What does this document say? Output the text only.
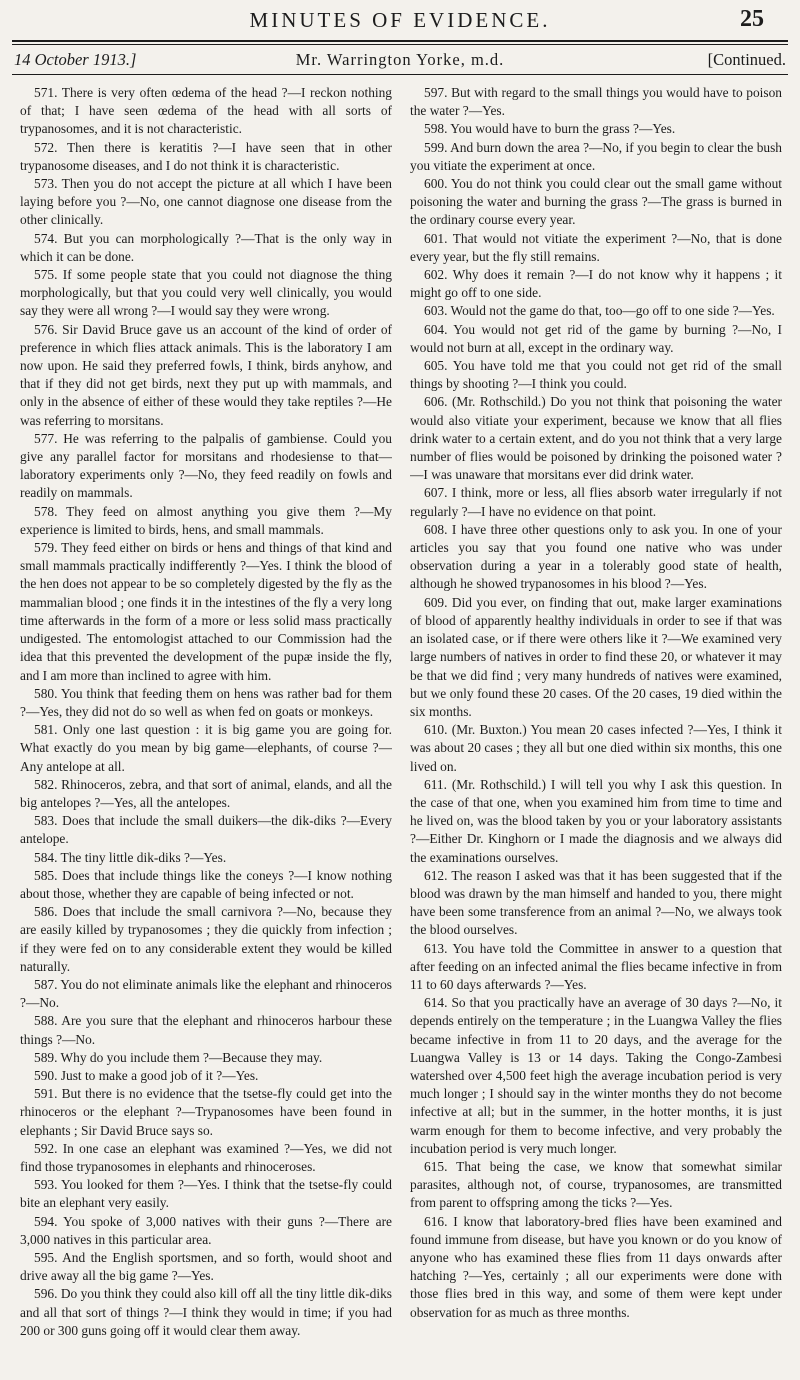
MINUTES OF EVIDENCE.	25
14 October 1913.]	Mr. Warrington Yorke, m.d.	[Continued.

571. There is very often œdema of the head ?—I reckon nothing of that; I have seen œdema of the head with all sorts of trypanosomes, and it is not characteristic.

572. Then there is keratitis ?—I have seen that in other trypanosome diseases, and I do not think it is characteristic.

573. Then you do not accept the picture at all which I have been laying before you ?—No, one cannot diagnose one disease from the other clinically.

574. But you can morphologically ?—That is the only way in which it can be done.

575. If some people state that you could not diagnose the thing morphologically, but that you could very well clinically, you would say they were all wrong ?—I would say they were wrong.

576. Sir David Bruce gave us an account of the kind of order of preference in which flies attack animals. This is the laboratory I am now upon. He said they preferred fowls, I think, birds anyhow, and that if they did not get birds, next they put up with mammals, and only in the absence of either of these would they take reptiles ?—He was referring to morsitans.

577. He was referring to the palpalis of gambiense. Could you give any parallel factor for morsitans and rhodesiense to that—laboratory experiments only ?—No, they feed readily on fowls and readily on mammals.

578. They feed on almost anything you give them ?—My experience is limited to birds, hens, and small mammals.

579. They feed either on birds or hens and things of that kind and small mammals practically indifferently ?—Yes. I think the blood of the hen does not appear to be so completely digested by the fly as the mammalian blood ; one finds it in the intestines of the fly a very long time afterwards in the form of a more or less solid mass practically undigested. The entomologist attached to our Commission had the idea that this prevented the development of the pupæ inside the fly, and I am more than inclined to agree with him.

580. You think that feeding them on hens was rather bad for them ?—Yes, they did not do so well as when fed on goats or monkeys.

581. Only one last question : it is big game you are going for. What exactly do you mean by big game—elephants, of course ?—Any antelope at all.

582. Rhinoceros, zebra, and that sort of animal, elands, and all the big antelopes ?—Yes, all the antelopes.

583. Does that include the small duikers—the dik-diks ?—Every antelope.

584. The tiny little dik-diks ?—Yes.

585. Does that include things like the coneys ?—I know nothing about those, whether they are capable of being infected or not.

586. Does that include the small carnivora ?—No, because they are easily killed by trypanosomes ; they die quickly from infection ; if they were fed on to any considerable extent they would be killed naturally.

587. You do not eliminate animals like the elephant and rhinoceros ?—No.

588. Are you sure that the elephant and rhinoceros harbour these things ?—No.

589. Why do you include them ?—Because they may.

590. Just to make a good job of it ?—Yes.

591. But there is no evidence that the tsetse-fly could get into the rhinoceros or the elephant ?—Trypanosomes have been found in elephants ; Sir David Bruce says so.

592. In one case an elephant was examined ?—Yes, we did not find those trypanosomes in elephants and rhinoceroses.

593. You looked for them ?—Yes. I think that the tsetse-fly could bite an elephant very easily.

594. You spoke of 3,000 natives with their guns ?—There are 3,000 natives in this particular area.

595. And the English sportsmen, and so forth, would shoot and drive away all the big game ?—Yes.

596. Do you think they could also kill off all the tiny little dik-diks and all that sort of things ?—I think they would in time; if you had 200 or 300 guns going off it would clear them away.

597. But with regard to the small things you would have to poison the water ?—Yes.

598. You would have to burn the grass ?—Yes.

599. And burn down the area ?—No, if you begin to clear the bush you vitiate the experiment at once.

600. You do not think you could clear out the small game without poisoning the water and burning the grass ?—The grass is burned in the ordinary course every year.

601. That would not vitiate the experiment ?—No, that is done every year, but the fly still remains.

602. Why does it remain ?—I do not know why it happens ; it might go off to one side.

603. Would not the game do that, too—go off to one side ?—Yes.

604. You would not get rid of the game by burning ?—No, I would not burn at all, except in the ordinary way.

605. You have told me that you could not get rid of the small things by shooting ?—I think you could.

606. (Mr. Rothschild.) Do you not think that poisoning the water would also vitiate your experiment, because we know that all flies drink water to a certain extent, and do you not think that a very large number of flies would be poisoned by drinking the poisoned water ?—I was unaware that morsitans ever did drink water.

607. I think, more or less, all flies absorb water irregularly if not regularly ?—I have no evidence on that point.

608. I have three other questions only to ask you. In one of your articles you say that you found one native who was under observation during a year in a tolerably good state of health, although he showed trypanosomes in his blood ?—Yes.

609. Did you ever, on finding that out, make larger examinations of blood of apparently healthy individuals in order to see if that was an isolated case, or if there were others like it ?—We examined very large numbers of natives in order to find these 20, or whatever it may be that we did find ; very many hundreds of natives were examined, but we only found these 20 cases. Of the 20 cases, 19 died within the six months.

610. (Mr. Buxton.) You mean 20 cases infected ?—Yes, I think it was about 20 cases ; they all but one died within six months, this one lived on.

611. (Mr. Rothschild.) I will tell you why I ask this question. In the case of that one, when you examined him from time to time and he lived on, was the blood taken by you or your laboratory assistants ?—Either Dr. Kinghorn or I made the diagnosis and we always did the examinations ourselves.

612. The reason I asked was that it has been suggested that if the blood was drawn by the man himself and handed to you, there might have been some transference from an animal ?—No, we always took the blood ourselves.

613. You have told the Committee in answer to a question that after feeding on an infected animal the flies became infective in from 11 to 60 days afterwards ?—Yes.

614. So that you practically have an average of 30 days ?—No, it depends entirely on the temperature ; in the Luangwa Valley the flies became infective in from 11 to 20 days, and the average for the Luangwa Valley is 13 or 14 days. Taking the Congo-Zambesi watershed over 4,500 feet high the average incubation period is very much longer ; I should say in the winter months they do not become infective at all; but in the summer, in the hotter months, it is just warm enough for them to become infective, and very probably the incubation period is very much longer.

615. That being the case, we know that somewhat similar parasites, although not, of course, trypanosomes, are transmitted from parent to offspring among the ticks ?—Yes.

616. I know that laboratory-bred flies have been examined and found immune from disease, but have you known or do you know of anyone who has examined these flies from 11 days onwards after hatching ?—Yes, certainly ; all our experiments were done with those flies bred in this way, and some of them were kept under observation for as much as three months.
